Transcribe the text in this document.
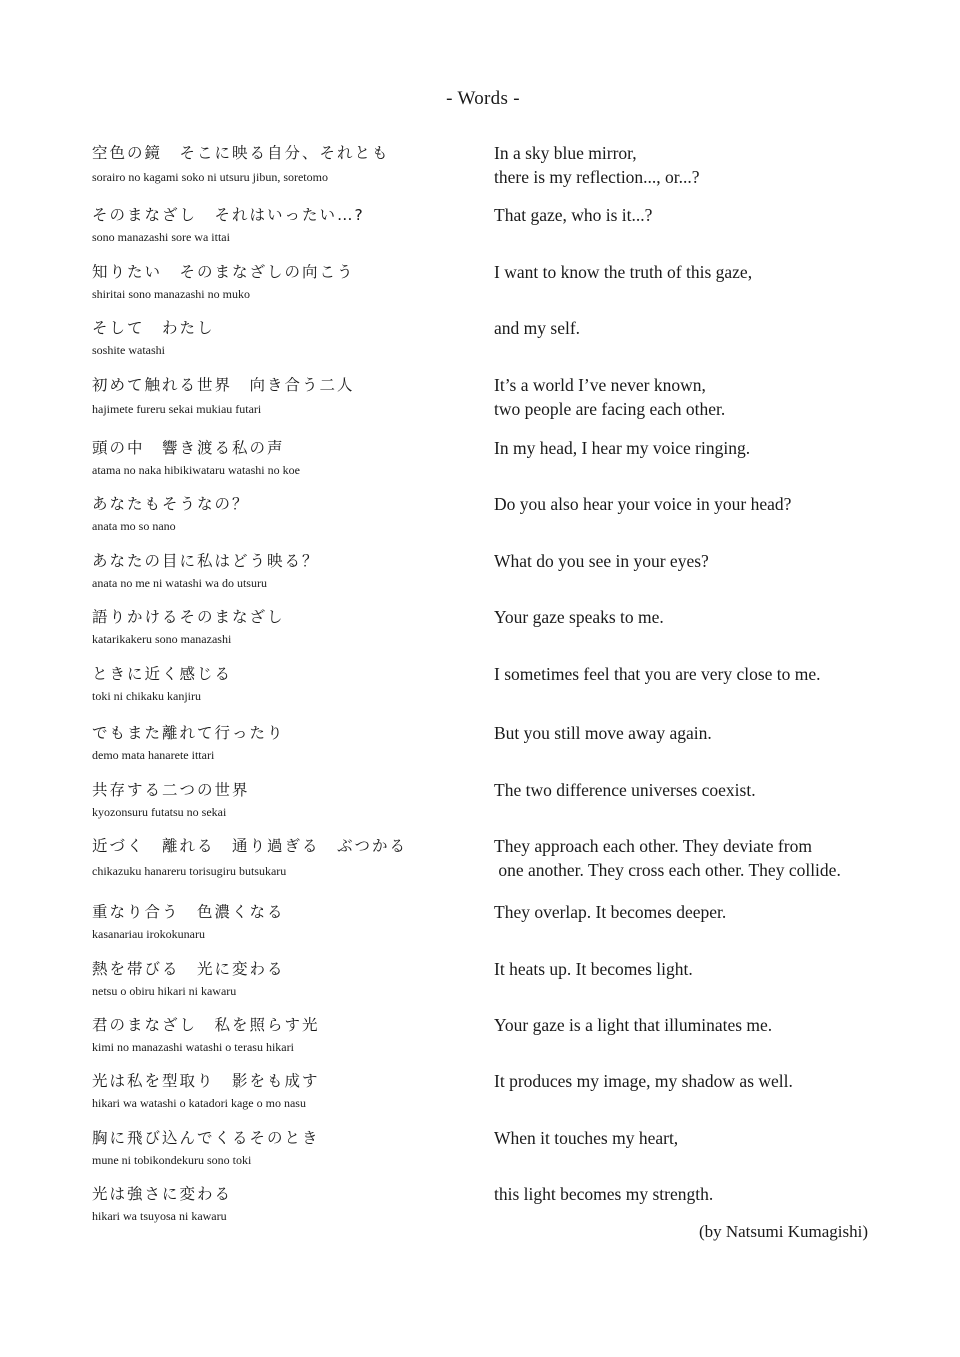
- Words -
空色の鏡　そこに映る自分、それとも
sorairo no kagami soko ni utsuru jibun, soretomo
In a sky blue mirror,
there is my reflection..., or...?
そのまなざし　それはいったい…?
sono manazashi sore wa ittai
That gaze, who is it...?
知りたい　そのまなざしの向こう
shiritai sono manazashi no muko
I want to know the truth of this gaze,
そして　わたし
soshite watashi
and my self.
初めて触れる世界　向き合う二人
hajimete fureru sekai mukiau futari
It’s a world I’ve never known,
two people are facing each other.
頭の中　響き渡る私の声
atama no naka hibikiwataru watashi no koe
In my head, I hear my voice ringing.
あなたもそうなの？
anata mo so nano
Do you also hear your voice in your head?
あなたの目に私はどう映る？
anata no me ni watashi wa do utsuru
What do you see in your eyes?
語りかけるそのまなざし
katarikakeru sono manazashi
Your gaze speaks to me.
ときに近く感じる
toki ni chikaku kanjiru
I sometimes feel that you are very close to me.
でもまた離れて行ったり
demo mata hanarete ittari
But you still move away again.
共存する二つの世界
kyozonsuru futatsu no sekai
The two difference universes coexist.
近づく　離れる　通り過ぎる　ぶつかる
chikazuku hanareru torisugiru butsukaru
They approach each other. They deviate from
one another. They cross each other. They collide.
重なり合う　色濃くなる
kasanariau irokokunaru
They overlap. It becomes deeper.
熱を帯びる　光に変わる
netsu o obiru hikari ni kawaru
It heats up. It becomes light.
君のまなざし　私を照らす光
kimi no manazashi watashi o terasu hikari
Your gaze is a light that illuminates me.
光は私を型取り　影をも成す
hikari wa watashi o katadori kage o mo nasu
It produces my image, my shadow as well.
胸に飛び込んでくるそのとき
mune ni tobikondekuru sono toki
When it touches my heart,
光は強さに変わる
hikari wa tsuyosa ni kawaru
this light becomes my strength.
(by Natsumi Kumagishi)
